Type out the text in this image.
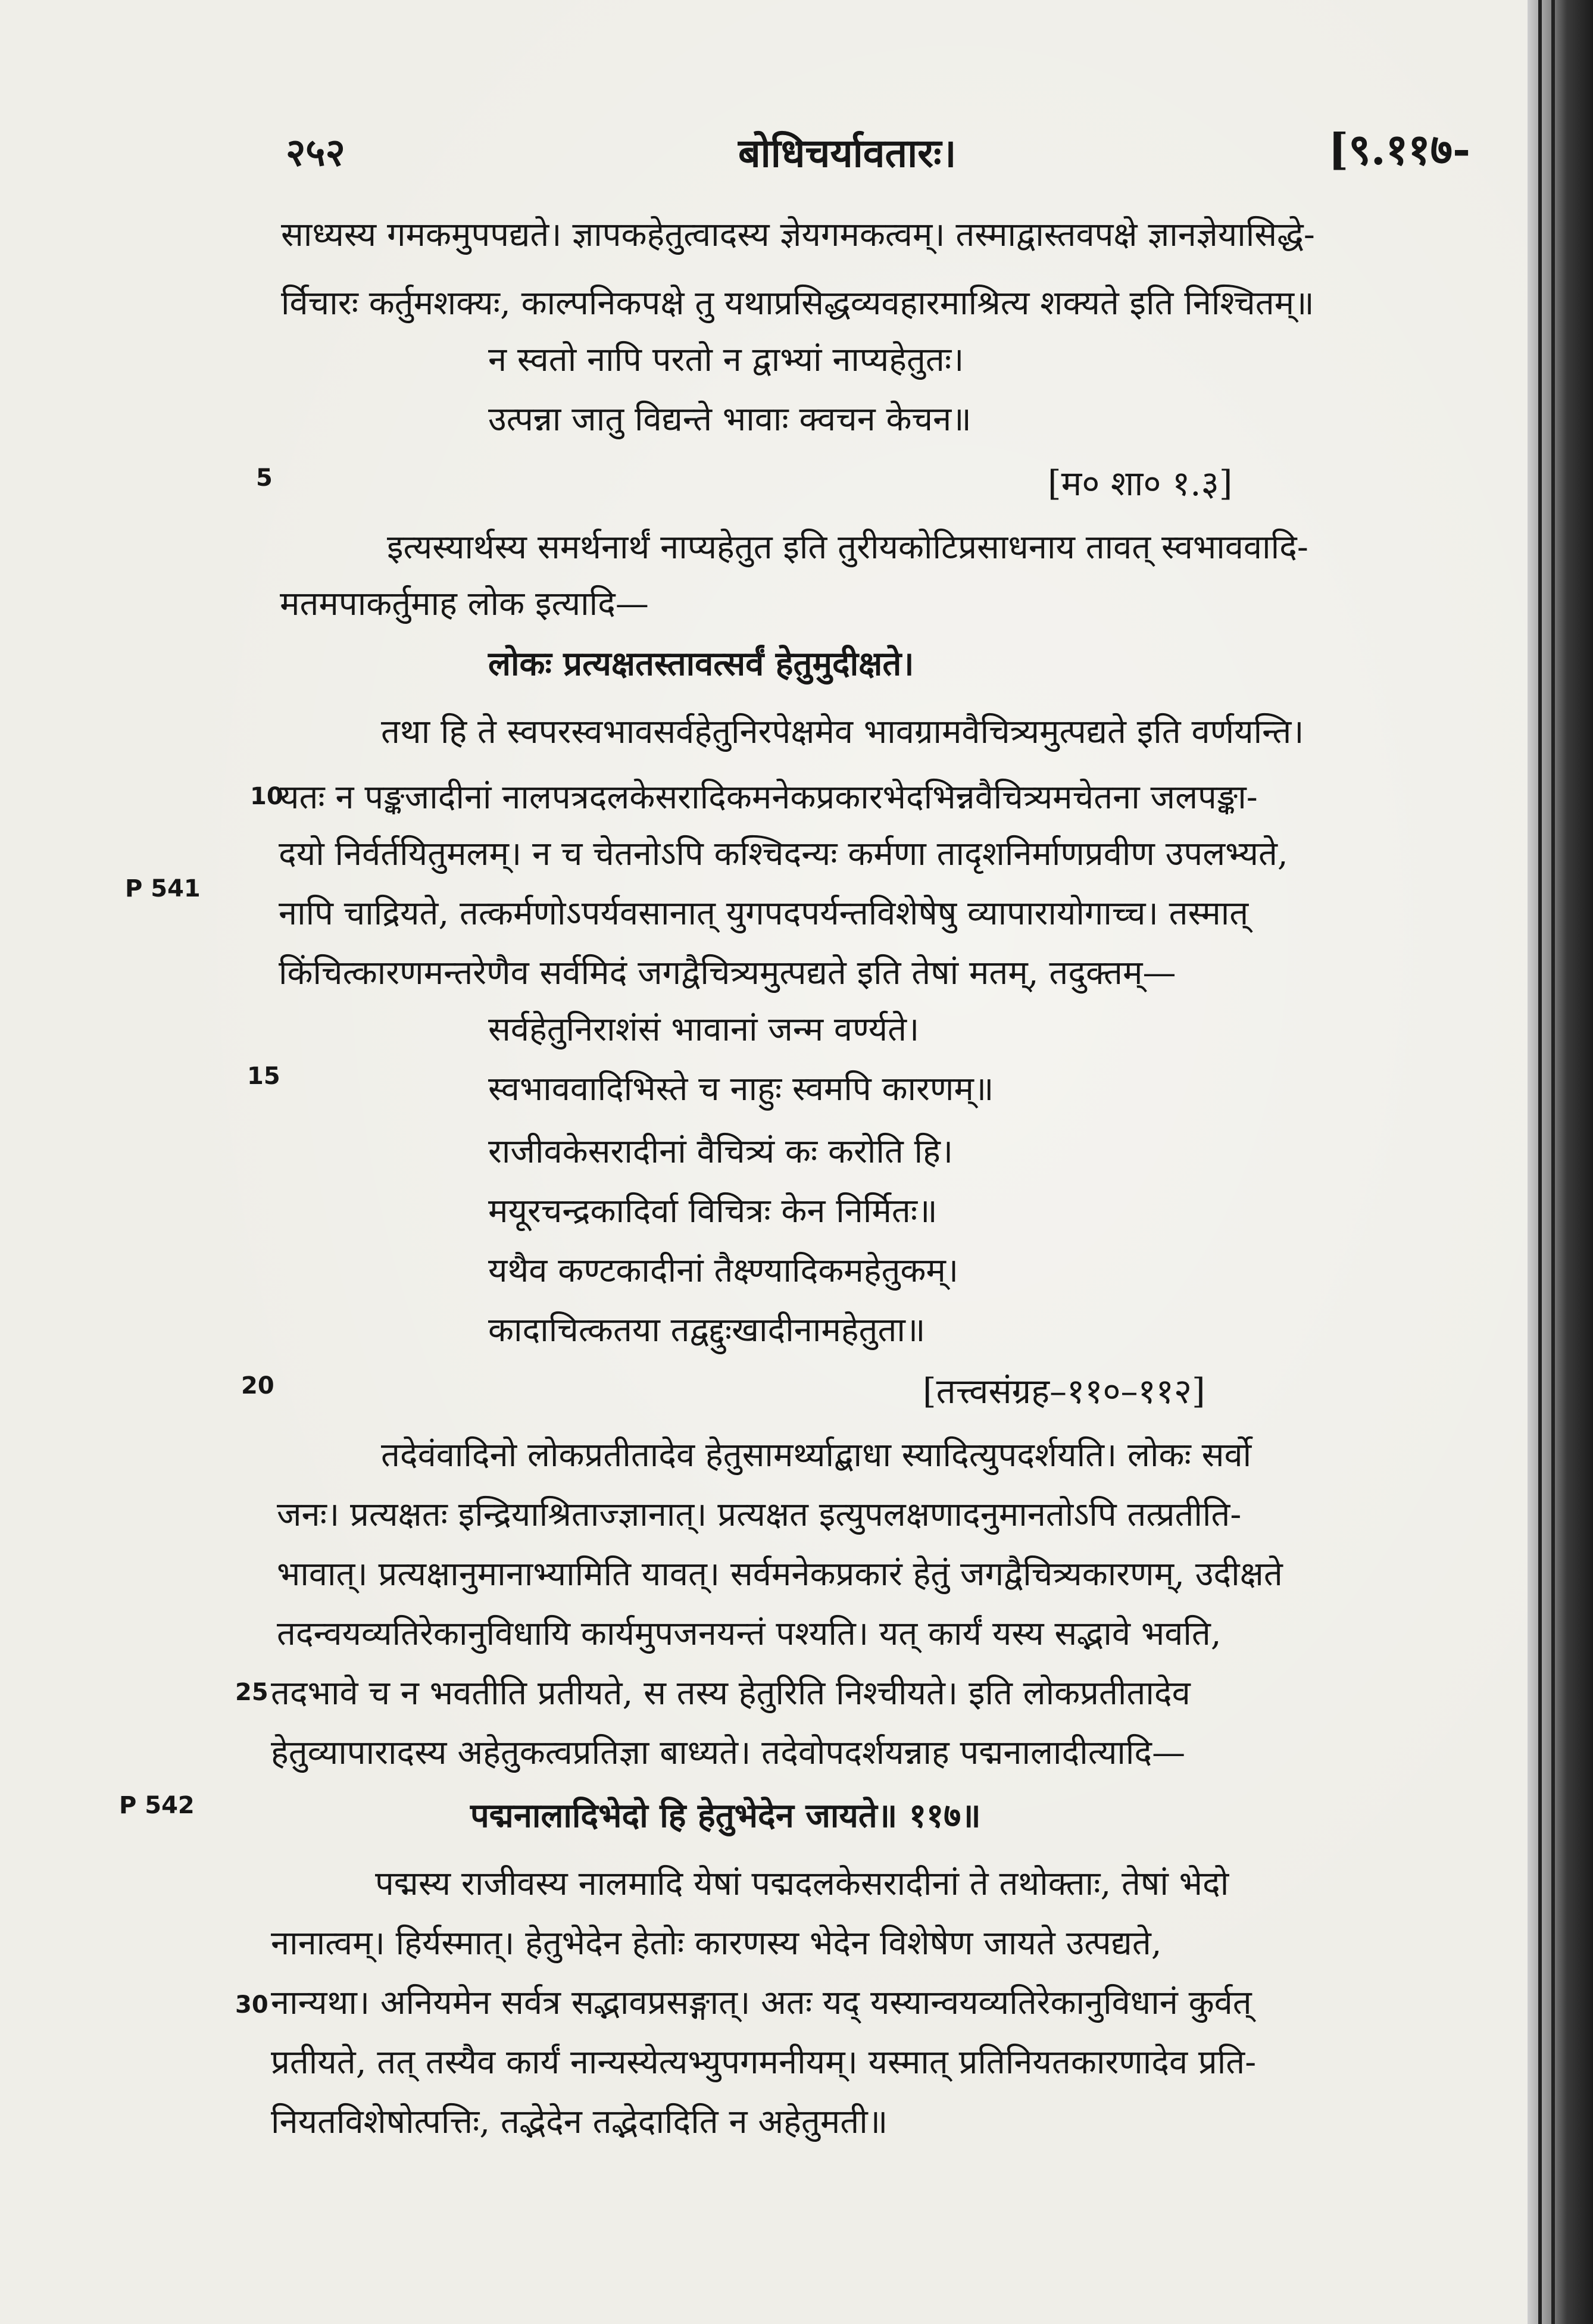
२५२	बोधिचर्यावतारः।	[९.११७-
5
10
15
20
25
30
P 541
P 542
साध्यस्य गमकमुपपद्यते। ज्ञापकहेतुत्वादस्य ज्ञेयगमकत्वम्। तस्माद्वास्तवपक्षे ज्ञानज्ञेयासिद्धे-
र्विचारः कर्तुमशक्यः, काल्पनिकपक्षे तु यथाप्रसिद्धव्यवहारमाश्रित्य शक्यते इति निश्चितम्॥
न स्वतो नापि परतो न द्वाभ्यां नाप्यहेतुतः।
उत्पन्ना जातु विद्यन्ते भावाः क्वचन केचन॥
[म० शा० १.३]
इत्यस्यार्थस्य समर्थनार्थं नाप्यहेतुत इति तुरीयकोटिप्रसाधनाय तावत् स्वभाववादि-
मतमपाकर्तुमाह लोक इत्यादि—
लोकः प्रत्यक्षतस्तावत्सर्वं हेतुमुदीक्षते।
तथा हि ते स्वपरस्वभावसर्वहेतुनिरपेक्षमेव भावग्रामवैचित्र्यमुत्पद्यते इति वर्णयन्ति।
यतः न पङ्कजादीनां नालपत्रदलकेसरादिकमनेकप्रकारभेदभिन्नवैचित्र्यमचेतना जलपङ्का-
दयो निर्वर्तयितुमलम्। न च चेतनोऽपि कश्चिदन्यः कर्मणा तादृशनिर्माणप्रवीण उपलभ्यते,
नापि चाद्रियते, तत्कर्मणोऽपर्यवसानात् युगपदपर्यन्तविशेषेषु व्यापारायोगाच्च। तस्मात्
किंचित्कारणमन्तरेणैव सर्वमिदं जगद्वैचित्र्यमुत्पद्यते इति तेषां मतम्, तदुक्तम्—
सर्वहेतुनिराशंसं भावानां जन्म वर्ण्यते।
स्वभाववादिभिस्ते च नाहुः स्वमपि कारणम्॥
राजीवकेसरादीनां वैचित्र्यं कः करोति हि।
मयूरचन्द्रकादिर्वा विचित्रः केन निर्मितः॥
यथैव कण्टकादीनां तैक्ष्ण्यादिकमहेतुकम्।
कादाचित्कतया तद्वद्दुःखादीनामहेतुता॥
[तत्त्वसंग्रह–११०–११२]
तदेवंवादिनो लोकप्रतीतादेव हेतुसामर्थ्याद्बाधा स्यादित्युपदर्शयति। लोकः सर्वो
जनः। प्रत्यक्षतः इन्द्रियाश्रिताज्ज्ञानात्। प्रत्यक्षत इत्युपलक्षणादनुमानतोऽपि तत्प्रतीति-
भावात्। प्रत्यक्षानुमानाभ्यामिति यावत्। सर्वमनेकप्रकारं हेतुं जगद्वैचित्र्यकारणम्, उदीक्षते
तदन्वयव्यतिरेकानुविधायि कार्यमुपजनयन्तं पश्यति। यत् कार्यं यस्य सद्भावे भवति,
तदभावे च न भवतीति प्रतीयते, स तस्य हेतुरिति निश्चीयते। इति लोकप्रतीतादेव
हेतुव्यापारादस्य अहेतुकत्वप्रतिज्ञा बाध्यते। तदेवोपदर्शयन्नाह पद्मनालादीत्यादि—
पद्मनालादिभेदो हि हेतुभेदेन जायते॥ ११७॥
पद्मस्य राजीवस्य नालमादि येषां पद्मदलकेसरादीनां ते तथोक्ताः, तेषां भेदो
नानात्वम्। हिर्यस्मात्। हेतुभेदेन हेतोः कारणस्य भेदेन विशेषेण जायते उत्पद्यते,
नान्यथा। अनियमेन सर्वत्र सद्भावप्रसङ्गात्। अतः यद् यस्यान्वयव्यतिरेकानुविधानं कुर्वत्
प्रतीयते, तत् तस्यैव कार्यं नान्यस्येत्यभ्युपगमनीयम्। यस्मात् प्रतिनियतकारणादेव प्रति-
नियतविशेषोत्पत्तिः, तद्भेदेन तद्भेदादिति न अहेतुमती॥
